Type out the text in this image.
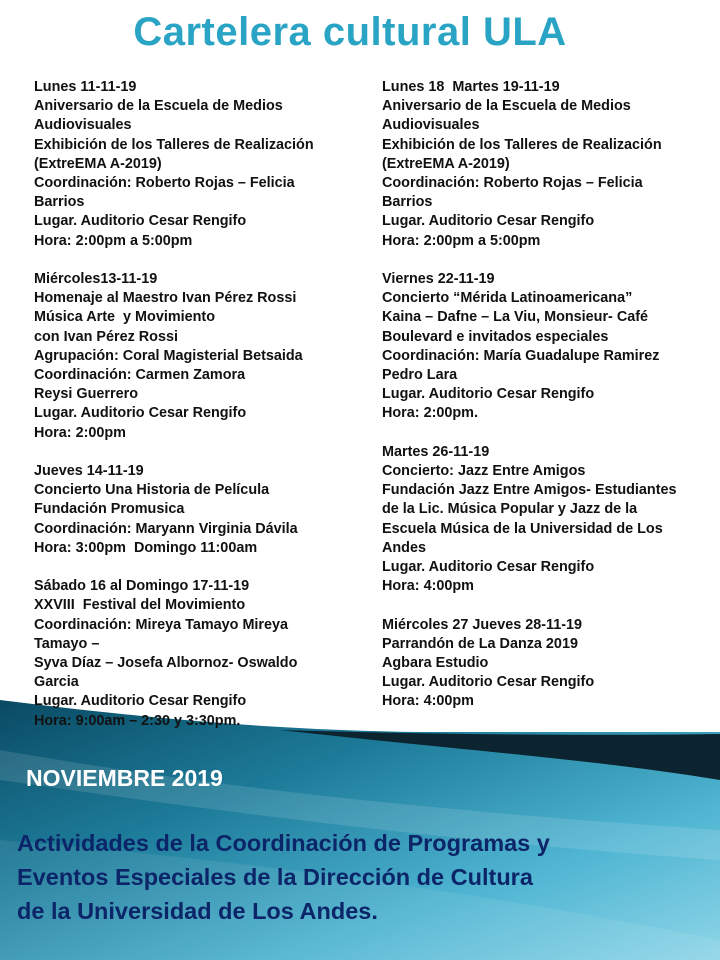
Cartelera cultural ULA
Lunes 11-11-19
Aniversario de la Escuela de Medios
Audiovisuales
Exhibición de los Talleres de Realización
(ExtreEMA A-2019)
Coordinación: Roberto Rojas – Felicia
Barrios
Lugar. Auditorio Cesar Rengifo
Hora: 2:00pm a 5:00pm
Miércoles13-11-19
Homenaje al Maestro Ivan Pérez Rossi
Música Arte  y Movimiento
con Ivan Pérez Rossi
Agrupación: Coral Magisterial Betsaida
Coordinación: Carmen Zamora
Reysi Guerrero
Lugar. Auditorio Cesar Rengifo
Hora: 2:00pm
Jueves 14-11-19
Concierto Una Historia de Película
Fundación Promusica
Coordinación: Maryann Virginia Dávila
Hora: 3:00pm  Domingo 11:00am
Sábado 16 al Domingo 17-11-19
XXVIII  Festival del Movimiento
Coordinación: Mireya Tamayo Mireya
Tamayo –
Syva Díaz – Josefa Albornoz- Oswaldo
Garcia
Lugar. Auditorio Cesar Rengifo
Hora: 9:00am – 2:30 y 3:30pm.
Lunes 18  Martes 19-11-19
Aniversario de la Escuela de Medios
Audiovisuales
Exhibición de los Talleres de Realización
(ExtreEMA A-2019)
Coordinación: Roberto Rojas – Felicia
Barrios
Lugar. Auditorio Cesar Rengifo
Hora: 2:00pm a 5:00pm
Viernes 22-11-19
Concierto “Mérida Latinoamericana”
Kaina – Dafne – La Viu, Monsieur- Café
Boulevard e invitados especiales
Coordinación: María Guadalupe Ramirez
Pedro Lara
Lugar. Auditorio Cesar Rengifo
Hora: 2:00pm.
Martes 26-11-19
Concierto: Jazz Entre Amigos
Fundación Jazz Entre Amigos- Estudiantes
de la Lic. Música Popular y Jazz de la
Escuela Música de la Universidad de Los
Andes
Lugar. Auditorio Cesar Rengifo
Hora: 4:00pm
Miércoles 27 Jueves 28-11-19
Parrandón de La Danza 2019
Agbara Estudio
Lugar. Auditorio Cesar Rengifo
Hora: 4:00pm
NOVIEMBRE 2019
Actividades de la Coordinación de Programas y
Eventos Especiales de la Dirección de Cultura
de la Universidad de Los Andes.
